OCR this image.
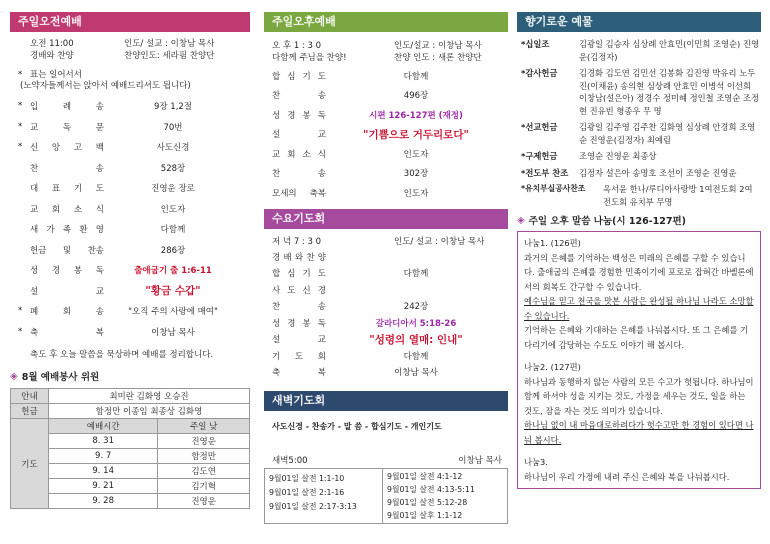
주일오전예배
오전 11:00	인도/ 설교 : 이창남 목사
경배와 찬양	찬양인도: 세라핌 찬양단
* 표는 일어서서
(노약자들께서는 앉아서 예배드리셔도 됩니다)
* 입	례	송	9장 1,2절
* 교	독	문	70번
* 신 앙 고 백	사도신경
찬	송	528장
대 표 기 도	진영운 장로
교 회 소 식	인도자
새 가 족 환 영	다함께
헌금 및 찬송	286장
성 경 봉 독	출애굽기 출 1:6-11
설	교	"황금 수갑"
* 폐	회	송	"오직 주의 사랑에 매여"
* 축	복	이창남 목사
축도 후 오늘 말씀을 묵상하며 예배를 정리합니다.
◈ 8월 예배봉사 위원
안내	최미란 김화영 오승진	
헌금	함정만 이종임 최종상 김화영	
기도	예배시간	주일 낮
	8. 31	진영운
	9. 7	함정만
	9. 14	김도연
	9. 21	김기혁
	9. 28	진영운
주일오후예배
오 후 1 : 3 0	인도/설교 : 이창남 목사
다함께 주님을 찬양!	찬양 인도 : 새론 찬양단
합 심 기 도	다함께
찬	송	496장
성 경 봉 독	시편 126-127편 (재정)
설	교	"기쁨으로 거두리로다"
교 회 소 식	인도자
찬	송	302장
모세의 축복	인도자
수요기도회
저 녁 7 : 3 0	인도/ 설교 : 이창남 목사
경 배 와 찬 양
합 심 기 도	다함께
사 도 신 경
찬	송	242장
성 경 봉 독	갈라디아서 5:18-26
설	교	"성령의 열매: 인내"
기 도 회	다함께
축	복	이창남 목사
새벽기도회
사도신경 - 찬송가 - 말 씀 - 합심기도 - 개인기도
새벽5:00	이창남 목사
9월01일 살전 1:1-10
9월01일 살전 2:1-16
9월01일 살전 2:17-3:13
9월01일 살전 4:1-12
9월01일 살전 4:13-5:11
9월01일 살전 5:12-28
9월01일 살후 1:1-12
향기로운 예물
*십일조	김광일 김승자 심상례 안효민(이민희 조영순) 진영운(김정자)
*감사헌금	김경화 김도연 김민선 김봉화 김진영 박유리 노두진(이채윤) 송의현 심상례 안효민 이병석 이선희 이창남(설은아) 정경수 정미혜 정인철 조영순 조정현 진유빈 형종우 무 명
*선교헌금	김광일 김주영 김주찬 김화영 심상례 안경희 조영순 진영운(김정자) 최예림
*구제헌금	조영순 진영운 최종상
*전도부 찬조	김정자 설은아 송명호 조선이 조영순 진영운
*유치부실공사찬조	옥서윤 한나/루디아사랑방 1여전도회 2여전도회 유치부 무명
◈ 주일 오후 말씀 나눔(시 126-127편)
나눔1. (126편)
과거의 은혜를 기억하는 백성은 미래의 은혜를 구할 수 있습니다. 출애굽의 은혜를 경험한 민족이기에 포로로 잡혀간 바벨론에서의 회복도 간구할 수 있습니다.
예수님을 믿고 천국을 맛본 사람은 완성될 하나님 나라도 소망할 수 있습니다.
기억하는 은혜와 기대하는 은혜를 나눠봅시다. 또 그 은혜를 기다리기에 감당하는 수도도 이야기 해 봅시다.
나눔2. (127편)
하나님과 동행하지 않는 사람의 모든 수고가 헛됩니다. 하나님이 함께 하셔야 성을 지키는 것도, 가정을 세우는 것도, 일을 하는 것도, 잠을 자는 것도 의미가 있습니다.
하나님 없이 내 마음대로하려다가 헛수고만 한 경험이 있다면 나눠 봅시다.
나눔3.
하나님이 우리 가정에 내려 주신 은혜와 복을 나눠봅시다.
